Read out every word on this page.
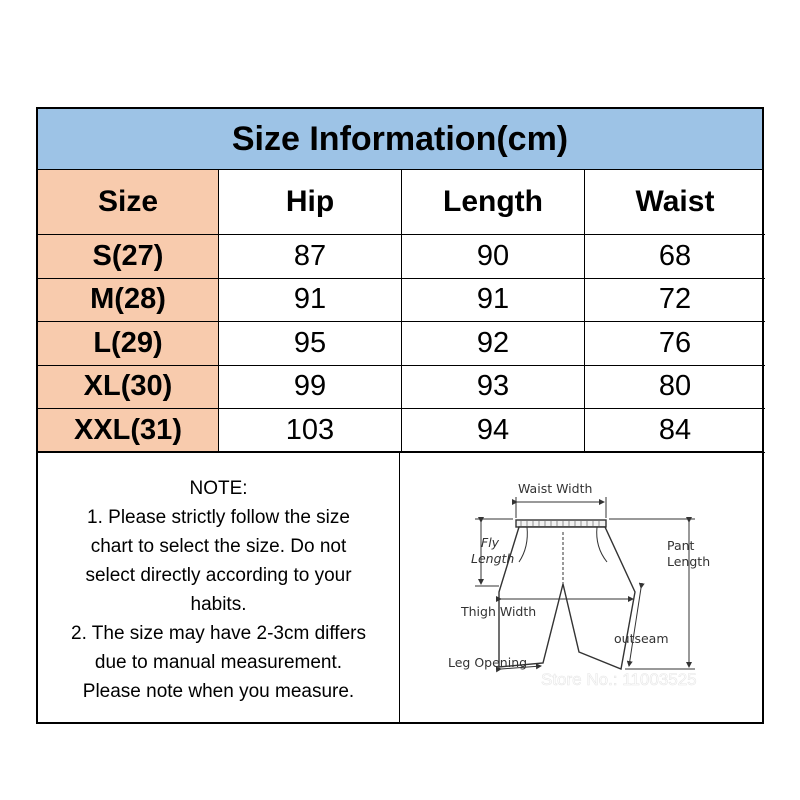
Size Information(cm)
Size	Hip	Length	Waist
S(27)	87	90	68
M(28)	91	91	72
L(29)	95	92	76
XL(30)	99	93	80
XXL(31)	103	94	84
NOTE:
1. Please strictly follow the size
chart to select the size. Do not
select directly according to your
habits.
2. The size may have 2-3cm differs
due to manual measurement.
Please note when you measure.
Waist Width
Fly
Length
Pant
Length
Thigh Width
outseam
Leg Opening
Store No.: 11003525
